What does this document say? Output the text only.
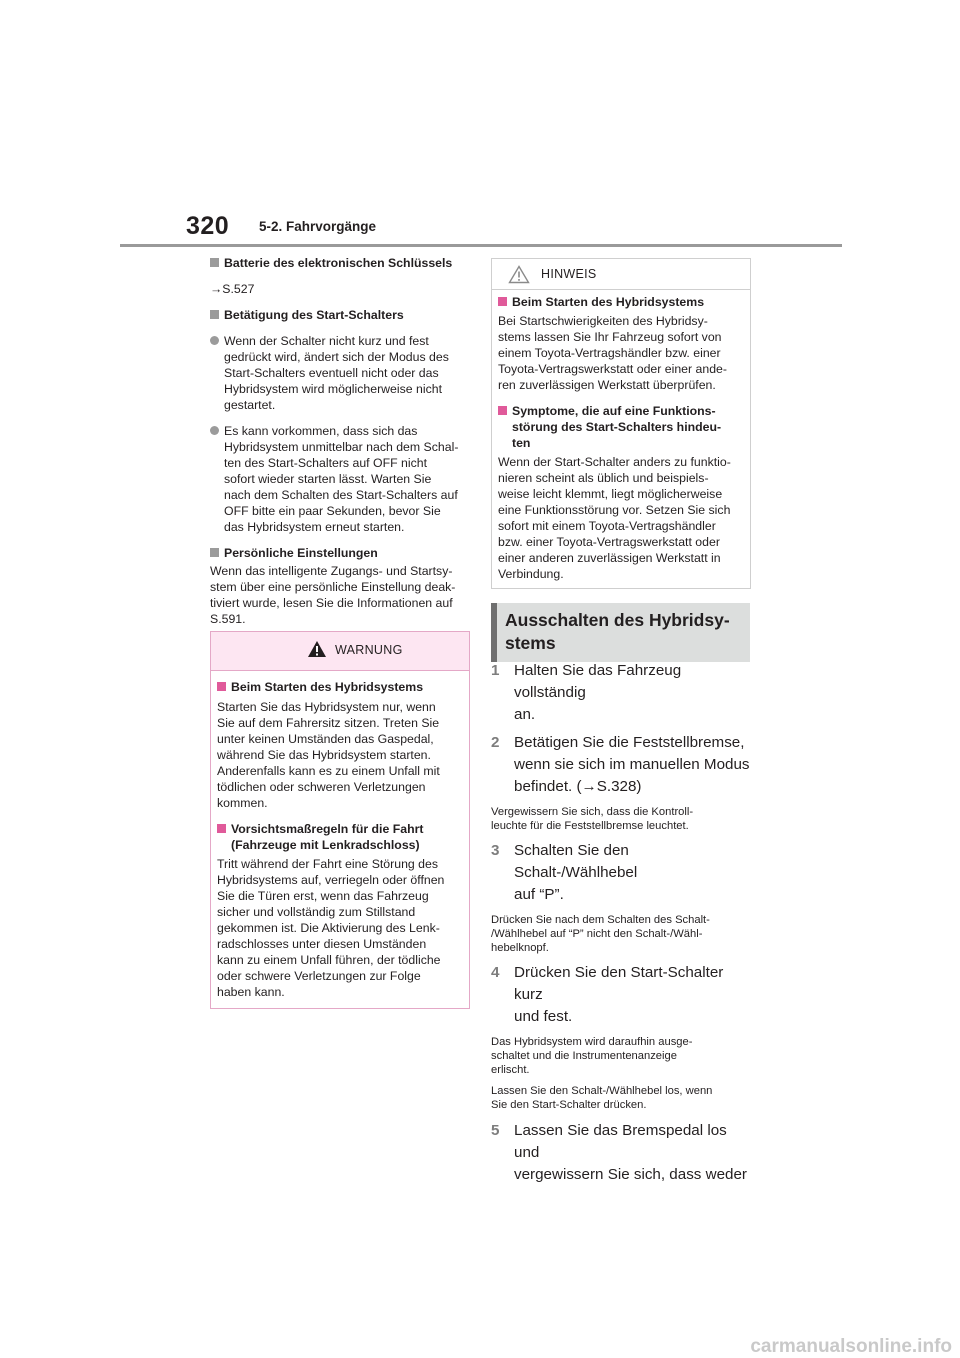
320 5-2. Fahrvorgänge

Batterie des elektronischen Schlüssels

→S.527

Betätigung des Start-Schalters

Wenn der Schalter nicht kurz und fest
gedrückt wird, ändert sich der Modus des
Start-Schalters eventuell nicht oder das
Hybridsystem wird möglicherweise nicht
gestartet.
Es kann vorkommen, dass sich das
Hybridsystem unmittelbar nach dem Schal-
ten des Start-Schalters auf OFF nicht
sofort wieder starten lässt. Warten Sie
nach dem Schalten des Start-Schalters auf
OFF bitte ein paar Sekunden, bevor Sie
das Hybridsystem erneut starten.

Persönliche Einstellungen

Wenn das intelligente Zugangs- und Startsy-
stem über eine persönliche Einstellung deak-
tiviert wurde, lesen Sie die Informationen auf
S.591.
WARNUNG

Beim Starten des Hybridsystems

Starten Sie das Hybridsystem nur, wenn
Sie auf dem Fahrersitz sitzen. Treten Sie
unter keinen Umständen das Gaspedal,
während Sie das Hybridsystem starten.
Anderenfalls kann es zu einem Unfall mit
tödlichen oder schweren Verletzungen
kommen.
Vorsichtsmaßregeln für die Fahrt
(Fahrzeuge mit Lenkradschloss)
Tritt während der Fahrt eine Störung des
Hybridsystems auf, verriegeln oder öffnen
Sie die Türen erst, wenn das Fahrzeug
sicher und vollständig zum Stillstand
gekommen ist. Die Aktivierung des Lenk-
radschlosses unter diesen Umständen
kann zu einem Unfall führen, der tödliche
oder schwere Verletzungen zur Folge
haben kann.
HINWEIS

Beim Starten des Hybridsystems

Bei Startschwierigkeiten des Hybridsy-
stems lassen Sie Ihr Fahrzeug sofort von
einem Toyota-Vertragshändler bzw. einer
Toyota-Vertragswerkstatt oder einer ande-
ren zuverlässigen Werkstatt überprüfen.
Symptome, die auf eine Funktions-
störung des Start-Schalters hindeu-
ten
Wenn der Start-Schalter anders zu funktio-
nieren scheint als üblich und beispiels-
weise leicht klemmt, liegt möglicherweise
eine Funktionsstörung vor. Setzen Sie sich
sofort mit einem Toyota-Vertragshändler
bzw. einer Toyota-Vertragswerkstatt oder
einer anderen zuverlässigen Werkstatt in
Verbindung.
Ausschalten des Hybridsy-
stems
1 Halten Sie das Fahrzeug vollständig
an.
2 Betätigen Sie die Feststellbremse,
wenn sie sich im manuellen Modus
befindet. (→S.328)
Vergewissern Sie sich, dass die Kontroll-
leuchte für die Feststellbremse leuchtet.
3 Schalten Sie den Schalt-/Wählhebel
auf “P”.
Drücken Sie nach dem Schalten des Schalt-
/Wählhebel auf “P” nicht den Schalt-/Wähl-
hebelknopf.
4 Drücken Sie den Start-Schalter kurz
und fest.
Das Hybridsystem wird daraufhin ausge-
schaltet und die Instrumentenanzeige
erlischt.
Lassen Sie den Schalt-/Wählhebel los, wenn
Sie den Start-Schalter drücken.
5 Lassen Sie das Bremspedal los und
vergewissern Sie sich, dass weder
carmanualsonline.info
